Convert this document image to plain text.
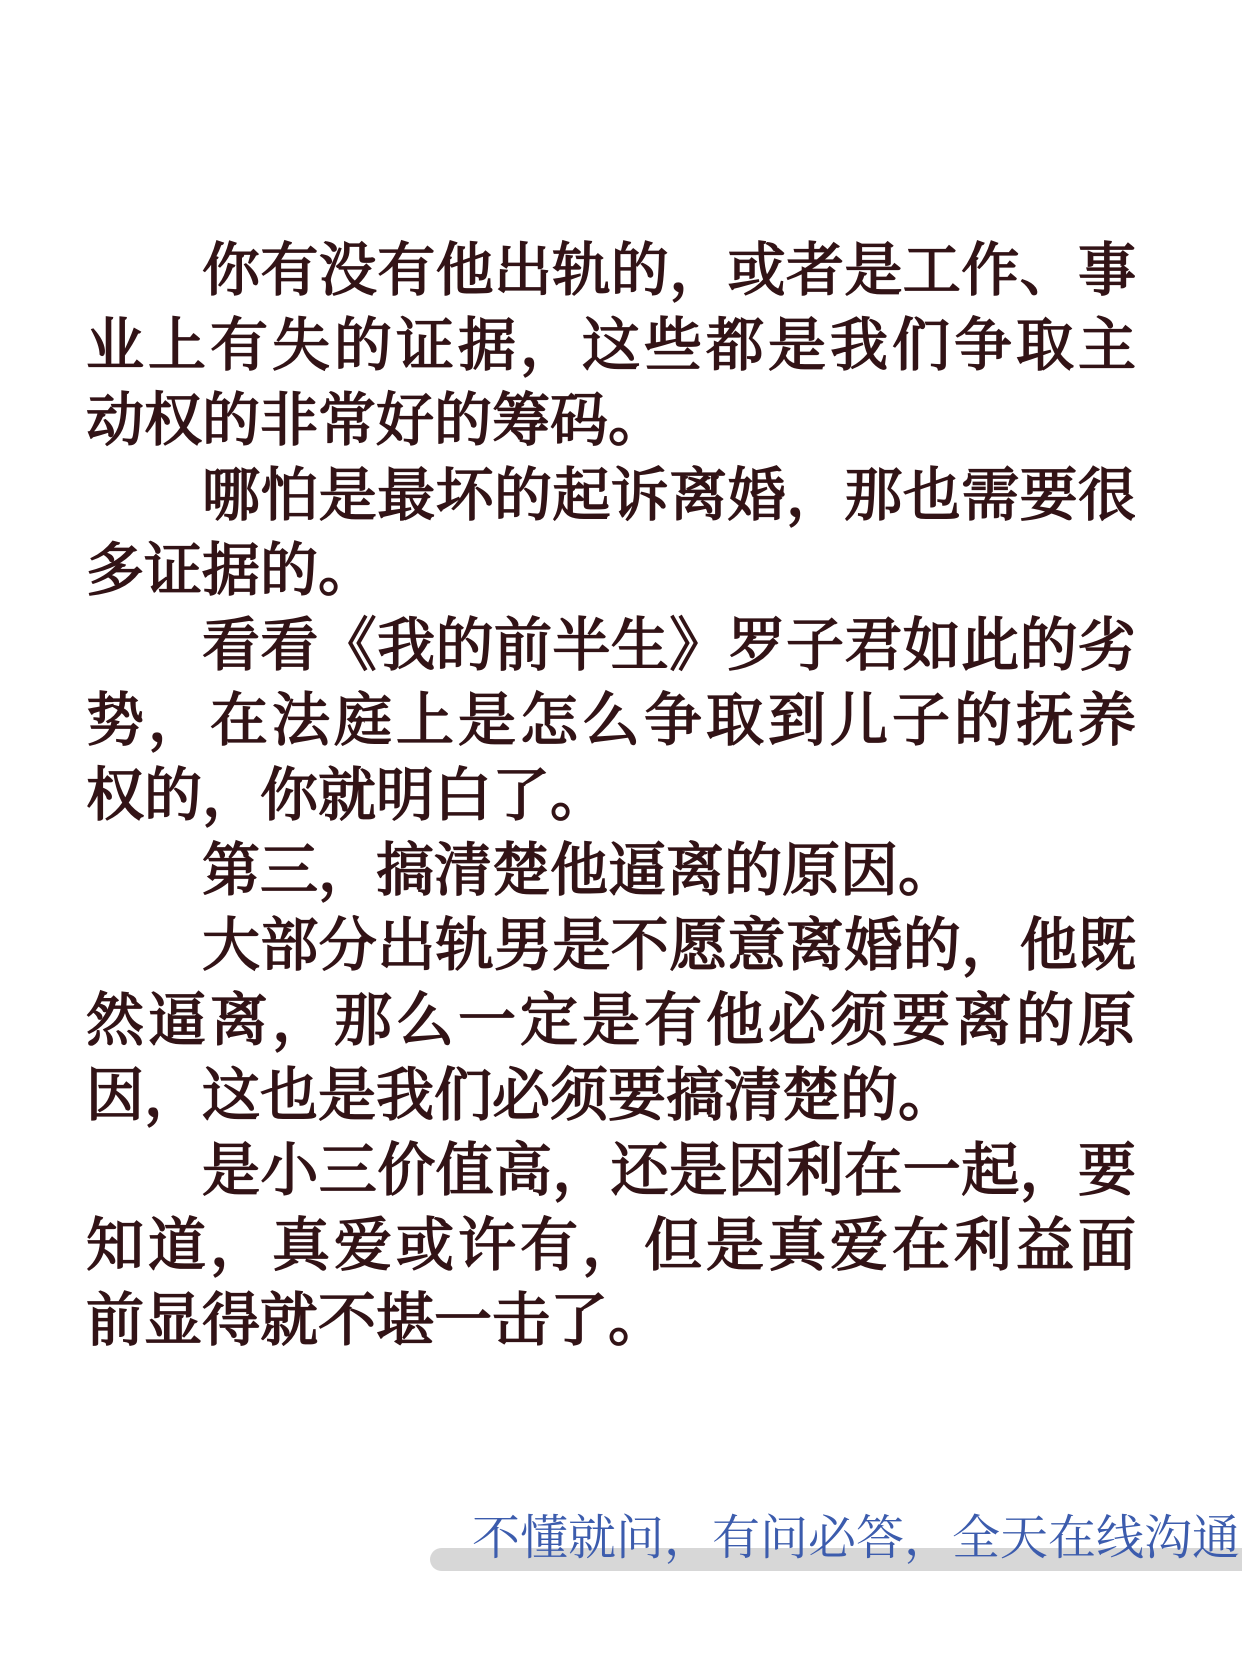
你有没有他出轨的，或者是工作、事
业上有失的证据，这些都是我们争取主
动权的非常好的筹码。
哪怕是最坏的起诉离婚，那也需要很
多证据的。
看看《我的前半生》罗子君如此的劣
势，在法庭上是怎么争取到儿子的抚养
权的，你就明白了。
第三，搞清楚他逼离的原因。
大部分出轨男是不愿意离婚的，他既
然逼离，那么一定是有他必须要离的原
因，这也是我们必须要搞清楚的。
是小三价值高，还是因利在一起，要
知道，真爱或许有，但是真爱在利益面
前显得就不堪一击了。
不懂就问，有问必答，全天在线沟通
